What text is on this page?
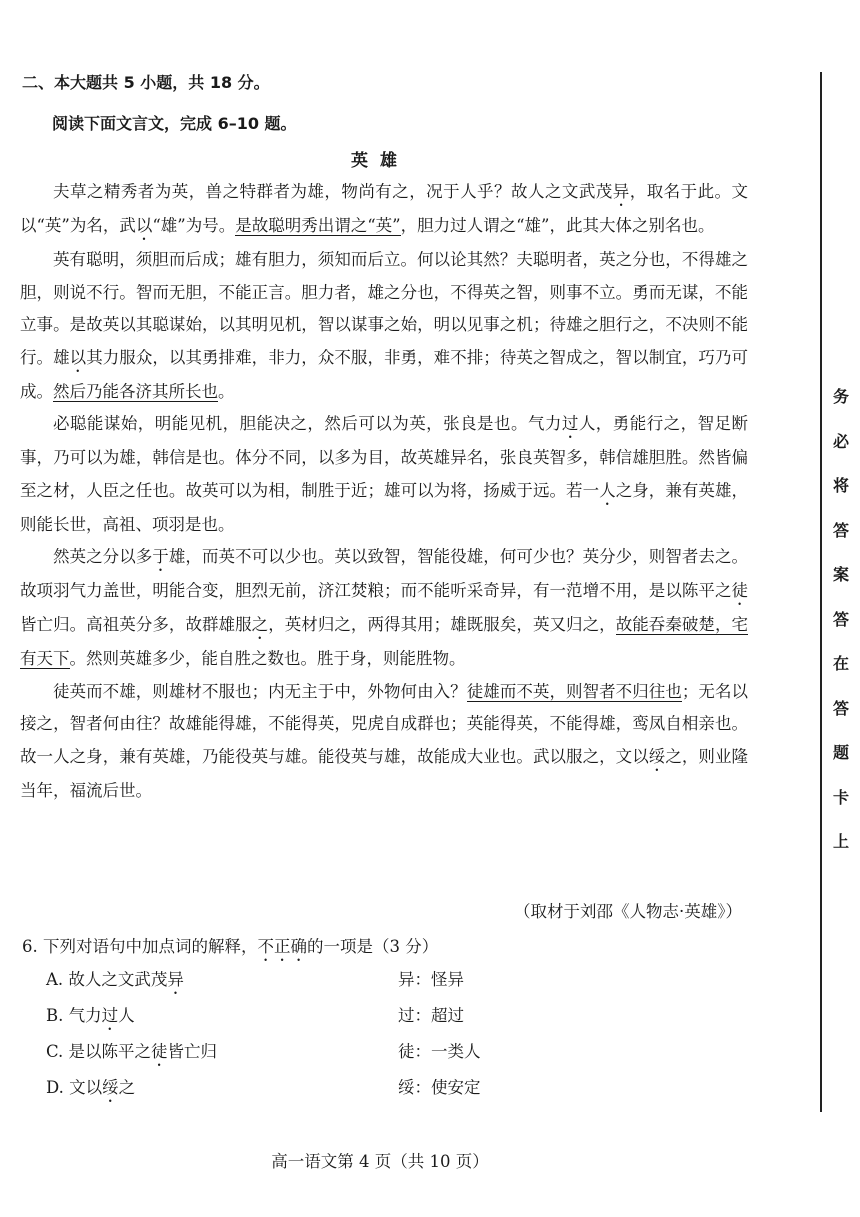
二、本大题共 5 小题，共 18 分。
阅读下面文言文，完成 6–10 题。
英雄

夫草之精秀者为英，兽之特群者为雄，物尚有之，况于人乎？故人之文武茂异，取名于此。文以“英”为名，武以“雄”为号。是故聪明秀出谓之“英”，胆力过人谓之“雄”，此其大体之别名也。

英有聪明，须胆而后成；雄有胆力，须知而后立。何以论其然？夫聪明者，英之分也，不得雄之胆，则说不行。智而无胆，不能正言。胆力者，雄之分也，不得英之智，则事不立。勇而无谋，不能立事。是故英以其聪谋始，以其明见机，智以谋事之始，明以见事之机；待雄之胆行之，不决则不能行。雄以其力服众，以其勇排难，非力，众不服，非勇，难不排；待英之智成之，智以制宜，巧乃可成。然后乃能各济其所长也。

必聪能谋始，明能见机，胆能决之，然后可以为英，张良是也。气力过人，勇能行之，智足断事，乃可以为雄，韩信是也。体分不同，以多为目，故英雄异名，张良英智多，韩信雄胆胜。然皆偏至之材，人臣之任也。故英可以为相，制胜于近；雄可以为将，扬威于远。若一人之身，兼有英雄，则能长世，高祖、项羽是也。

然英之分以多于雄，而英不可以少也。英以致智，智能役雄，何可少也？英分少，则智者去之。故项羽气力盖世，明能合变，胆烈无前，济江焚粮；而不能听采奇异，有一范增不用，是以陈平之徒皆亡归。高祖英分多，故群雄服之，英材归之，两得其用；雄既服矣，英又归之，故能吞秦破楚，宅有天下。然则英雄多少，能自胜之数也。胜于身，则能胜物。

徒英而不雄，则雄材不服也；内无主于中，外物何由入？徒雄而不英，则智者不归往也；无名以接之，智者何由往？故雄能得雄，不能得英，兕虎自成群也；英能得英，不能得雄，鸾凤自相亲也。故一人之身，兼有英雄，乃能役英与雄。能役英与雄，故能成大业也。武以服之，文以绥之，则业隆当年，福流后世。

（取材于刘邵《人物志·英雄》）
6. 下列对语句中加点词的解释，不正确的一项是（3 分）
A. 故人之文武茂异	异：怪异
B. 气力过人	过：超过
C. 是以陈平之徒皆亡归	徒：一类人
D. 文以绥之	绥：使安定
高一语文第 4 页（共 10 页）
务
必
将
答
案
答
在
答
题
卡
上
